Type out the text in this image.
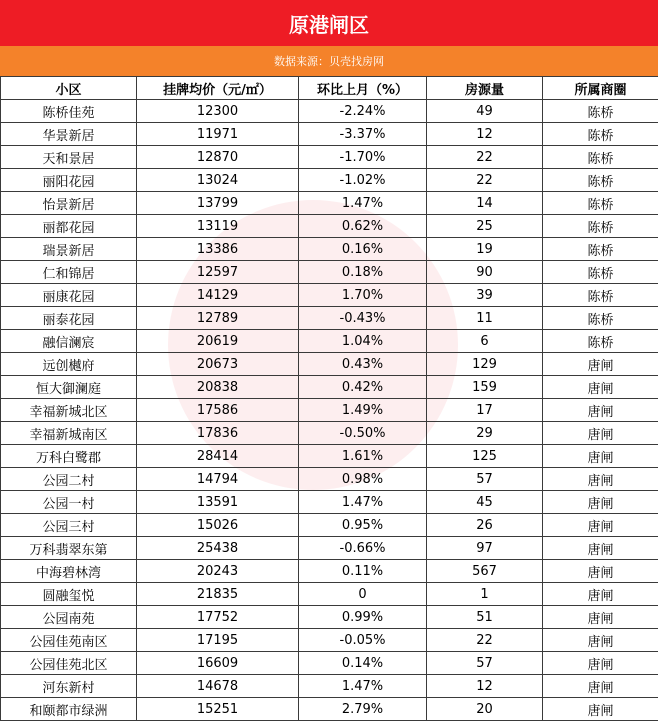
原港闸区
数据来源：贝壳找房网
小区	挂牌均价（元/㎡）	环比上月（%）	房源量	所属商圈
陈桥佳苑	12300	-2.24%	49	陈桥
华景新居	11971	-3.37%	12	陈桥
天和景居	12870	-1.70%	22	陈桥
丽阳花园	13024	-1.02%	22	陈桥
怡景新居	13799	1.47%	14	陈桥
丽都花园	13119	0.62%	25	陈桥
瑞景新居	13386	0.16%	19	陈桥
仁和锦居	12597	0.18%	90	陈桥
丽康花园	14129	1.70%	39	陈桥
丽泰花园	12789	-0.43%	11	陈桥
融信澜宸	20619	1.04%	6	陈桥
远创樾府	20673	0.43%	129	唐闸
恒大御澜庭	20838	0.42%	159	唐闸
幸福新城北区	17586	1.49%	17	唐闸
幸福新城南区	17836	-0.50%	29	唐闸
万科白鹭郡	28414	1.61%	125	唐闸
公园二村	14794	0.98%	57	唐闸
公园一村	13591	1.47%	45	唐闸
公园三村	15026	0.95%	26	唐闸
万科翡翠东第	25438	-0.66%	97	唐闸
中海碧林湾	20243	0.11%	567	唐闸
圆融玺悦	21835	0	1	唐闸
公园南苑	17752	0.99%	51	唐闸
公园佳苑南区	17195	-0.05%	22	唐闸
公园佳苑北区	16609	0.14%	57	唐闸
河东新村	14678	1.47%	12	唐闸
和颐都市绿洲	15251	2.79%	20	唐闸
